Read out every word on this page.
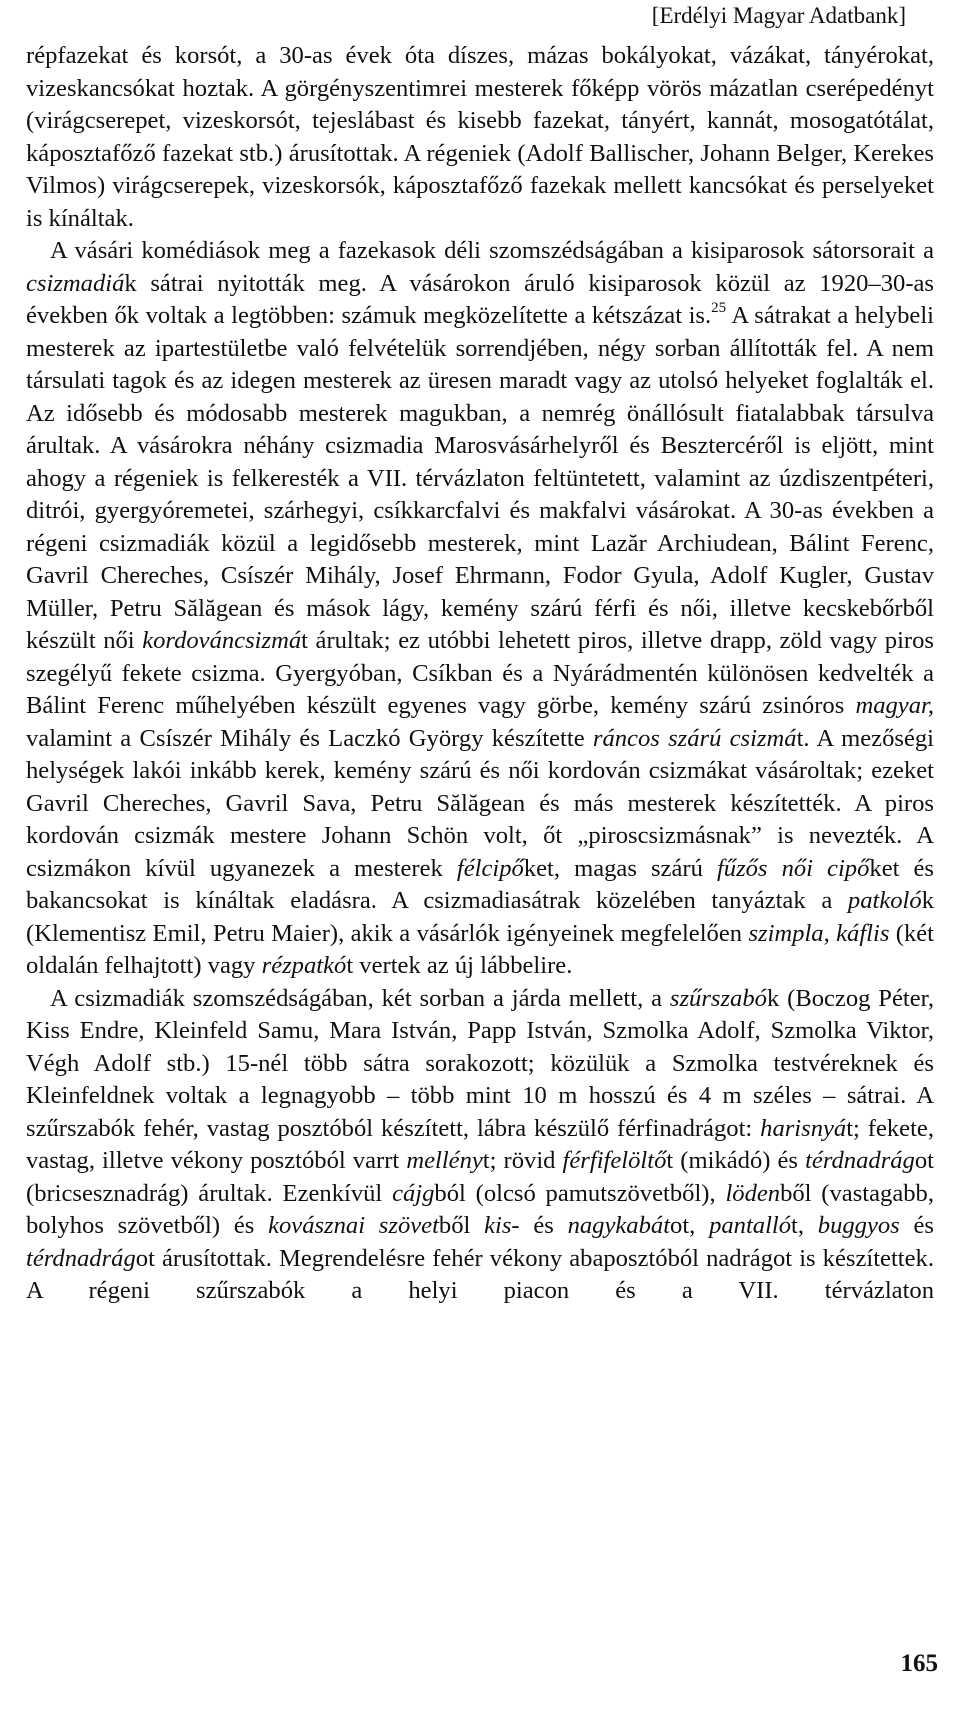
[Erdélyi Magyar Adatbank]

répfazekat és korsót, a 30-as évek óta díszes, mázas bokályokat, vázákat, tányérokat, vizeskancsókat hoztak. A görgényszentimrei mesterek főképp vörös mázatlan cserépedényt (virágcserepet, vizeskorsót, tejeslábast és kisebb fazekat, tányért, kannát, mosogatótálat, káposztafőző fazekat stb.) árusítottak. A régeniek (Adolf Ballischer, Johann Belger, Kerekes Vilmos) virágcserepek, vizeskorsók, káposztafőző fazekak mellett kancsókat és perselyeket is kínáltak.

A vásári komédiások meg a fazekasok déli szomszédságában a kisiparosok sátorsorait a csizmadiák sátrai nyitották meg. A vásárokon áruló kisiparosok közül az 1920–30-as években ők voltak a legtöbben: számuk megközelítette a kétszázat is.$^{25}$ A sátrakat a helybeli mesterek az ipartestületbe való felvételük sorrendjében, négy sorban állították fel. A nem társulati tagok és az idegen mesterek az üresen maradt vagy az utolsó helyeket foglalták el. Az idősebb és módosabb mesterek magukban, a nemrég önállósult fiatalabbak társulva árultak. A vásárokra néhány csizmadia Marosvásárhelyről és Besztercéről is eljött, mint ahogy a régeniek is felkeresték a VII. térvázlaton feltüntetett, valamint az úzdiszentpéteri, ditrói, gyergyóremetei, szárhegyi, csíkkarcfalvi és makfalvi vásárokat. A 30-as években a régeni csizmadiák közül a legidősebb mesterek, mint Lazăr Archiudean, Bálint Ferenc, Gavril Chereches, Csíszér Mihály, Josef Ehrmann, Fodor Gyula, Adolf Kugler, Gustav Müller, Petru Sălăgean és mások lágy, kemény szárú férfi és női, illetve kecskebőrből készült női kordováncsizmát árultak; ez utóbbi lehetett piros, illetve drapp, zöld vagy piros szegélyű fekete csizma. Gyergyóban, Csíkban és a Nyárádmentén különösen kedvelték a Bálint Ferenc műhelyében készült egyenes vagy görbe, kemény szárú zsinóros magyar, valamint a Csíszér Mihály és Laczkó György készítette ráncos szárú csizmát. A mezőségi helységek lakói inkább kerek, kemény szárú és női kordován csizmákat vásároltak; ezeket Gavril Chereches, Gavril Sava, Petru Sălăgean és más mesterek készítették. A piros kordován csizmák mestere Johann Schön volt, őt „piroscsizmásnak” is nevezték. A csizmákon kívül ugyanezek a mesterek félcipőket, magas szárú fűzős női cipőket és bakancsokat is kínáltak eladásra. A csizmadiasátrak közelében tanyáztak a patkolók (Klementisz Emil, Petru Maier), akik a vásárlók igényeinek megfelelően szimpla, káflis (két oldalán felhajtott) vagy rézpatkót vertek az új lábbelire.

A csizmadiák szomszédságában, két sorban a járda mellett, a szűrszabók (Boczog Péter, Kiss Endre, Kleinfeld Samu, Mara István, Papp István, Szmolka Adolf, Szmolka Viktor, Végh Adolf stb.) 15-nél több sátra sorakozott; közülük a Szmolka testvéreknek és Kleinfeldnek voltak a legnagyobb – több mint 10 m hosszú és 4 m széles – sátrai. A szűrszabók fehér, vastag posztóból készített, lábra készülő férfinadrágot: harisnyát; fekete, vastag, illetve vékony posztóból varrt mellényt; rövid férfifelöltőt (mikádó) és térdnadrágot (bricsesznadrág) árultak. Ezenkívül cájgból (olcsó pamutszövetből), lödenből (vastagabb, bolyhos szövetből) és kovásznai szövetből kis- és nagykabátot, pantallót, buggyos és térdnadrágot árusítottak. Megrendelésre fehér vékony abaposztóból nadrágot is készítettek. A régeni szűrszabók a helyi piacon és a VII. térvázlaton

165
